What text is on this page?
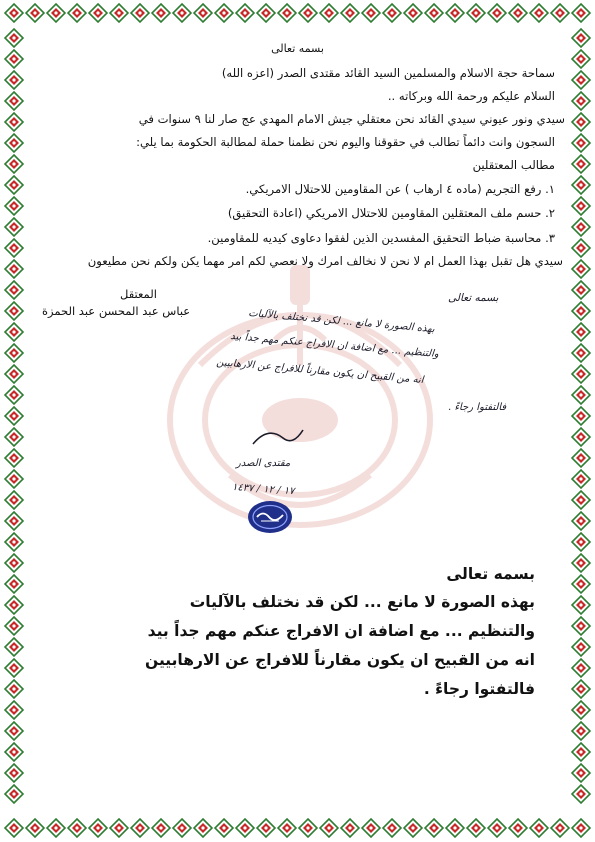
بسمه تعالى
سماحة حجة الاسلام والمسلمين السيد القائد مقتدى الصدر (اعزه الله)
السلام عليكم ورحمة الله وبركاته ..
سيدي ونور عيوني سيدي القائد نحن معتقلي جيش الامام المهدي عج صار لنا ٩ سنوات في
السجون وانت دائماً تطالب في حقوقنا واليوم نحن نظمنا حملة لمطالبة الحكومة بما يلي:
مطالب المعتقلين
١. رفع التجريم (ماده ٤ ارهاب ) عن المقاومين للاحتلال الامريكي.
٢. حسم ملف المعتقلين المقاومين للاحتلال الامريكي (اعادة التحقيق)
٣. محاسبة ضباط التحقيق المفسدين الذين لفقوا دعاوى كيديه للمقاومين.
سيدي هل تقبل بهذا العمل ام لا نحن لا نخالف امرك ولا نعصي لكم امر مهما يكن ولكم نحن مطيعون
المعتقل
عباس عبد المحسن عبد الحمزة
بسمه تعالى
بهذه الصورة لا مانع ... لكن قد نختلف بالآليات
والتنظيم ... مع اضافة ان الافراج عنكم مهم جداً بيد
انه من القبيح ان يكون مقارناً للافراج عن الارهابيين
فالتفتوا رجاءً .
مقتدى الصدر
١٧ / ١٢ / ١٤٣٧
بسمه تعالى
بهذه الصورة لا مانع ... لكن قد نختلف بالآليات
والتنظيم ... مع اضافة ان الافراج عنكم مهم جداً بيد
انه من القبيح ان يكون مقارناً للافراج عن الارهابيين
فالتفتوا رجاءً .
